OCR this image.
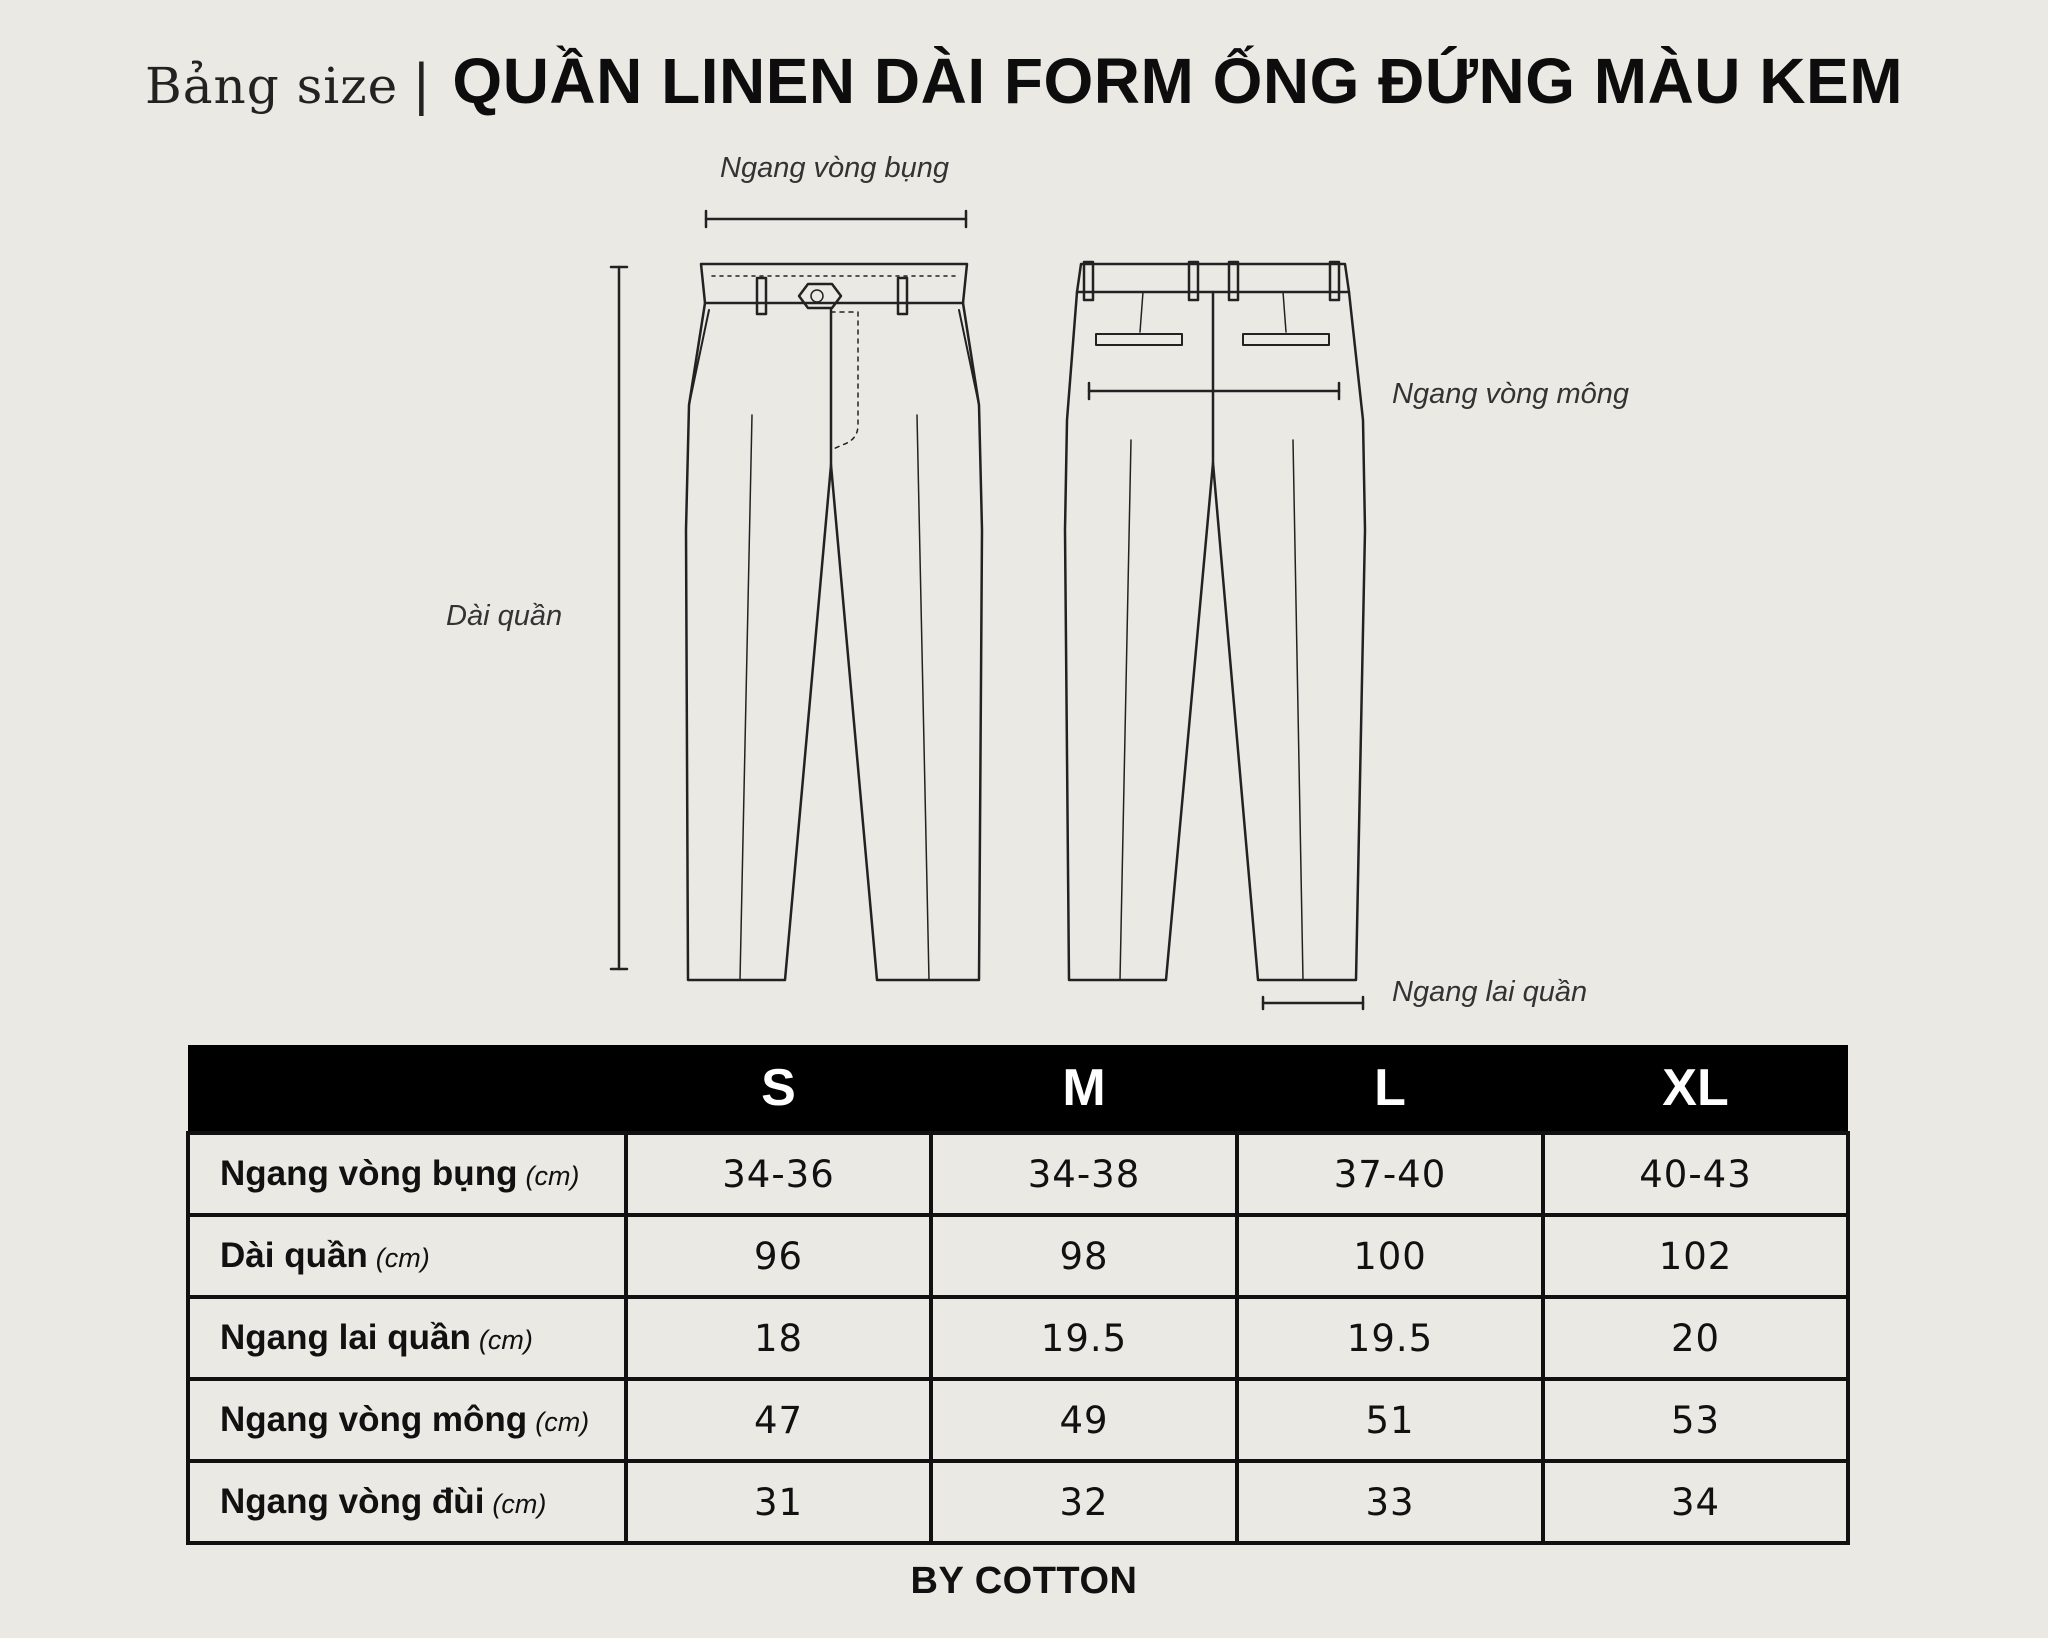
Bảng size | QUẦN LINEN DÀI FORM ỐNG ĐỨNG MÀU KEM
Ngang vòng bụng
Dài quần
Ngang vòng mông
Ngang lai quần
	S	M	L	XL
Ngang vòng bụng (cm)	34-36	34-38	37-40	40-43
Dài quần (cm)	96	98	100	102
Ngang lai quần (cm)	18	19.5	19.5	20
Ngang vòng mông (cm)	47	49	51	53
Ngang vòng đùi (cm)	31	32	33	34
BY COTTON
